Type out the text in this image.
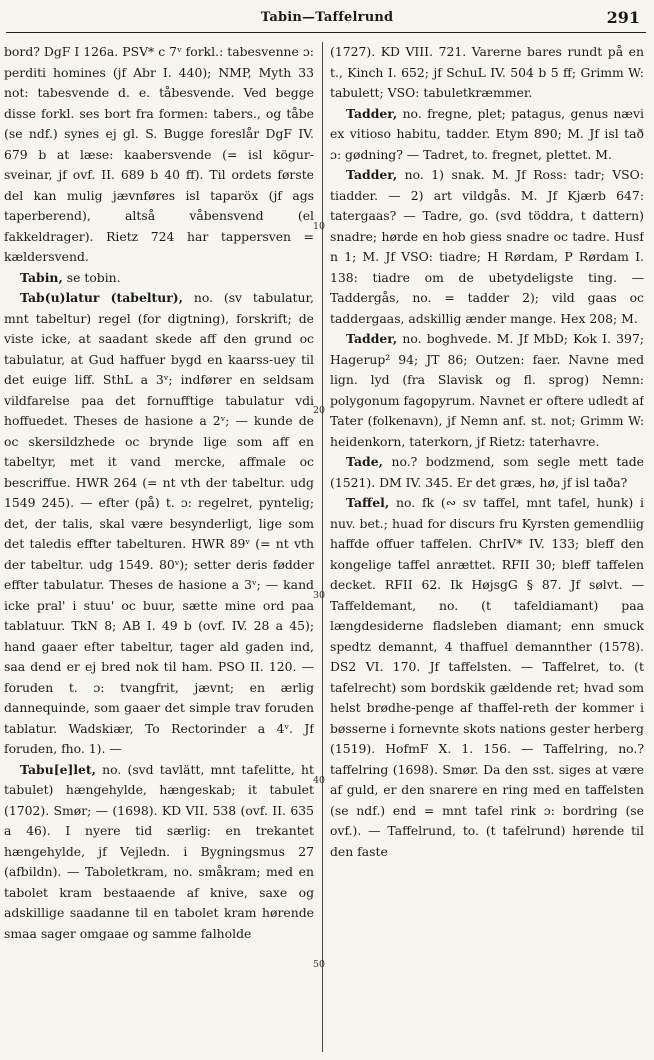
Tabin—Taffelrund	291

bord? DgF I 126a. PSV* c 7ᵛ forkl.: tabesvenne ɔ: perditi homines (jf Abr I. 440); NMP, Myth 33 not: tabesvende d. e. tåbesvende. Ved begge disse forkl. ses bort fra formen: tabers., og tåbe (se ndf.) synes ej gl. S. Bugge foreslår DgF IV. 679 b at læse: kaabersvende (= isl kögur-sveinar, jf ovf. II. 689 b 40 ff). Til ordets første del kan mulig jævnføres isl taparöx (jf ags taperberend), altså våbensvend (el fakkeldrager). Rietz 724 har tappersven = kældersvend.

Tabin, se tobin.

Tab(u)latur (tabeltur), no. (sv tabulatur, mnt tabeltur) regel (for digtning), forskrift; de viste icke, at saadant skede aff den grund oc tabulatur, at Gud haffuer bygd en kaarss-uey til det euige liff. SthL a 3ᵛ; indfører en seldsam vildfarelse paa det fornufftige tabulatur vdi hoffuedet. Theses de hasione a 2ᵛ; — kunde de oc skersildzhede oc brynde lige som aff en tabeltyr, met it vand mercke, affmale oc bescriffue. HWR 264 (= nt vth der tabeltur. udg 1549 245). — efter (på) t. ɔ: regelret, pyntelig; det, der talis, skal være besynderligt, lige som det taledis effter tabelturen. HWR 89ᵛ (= nt vth der tabeltur. udg 1549. 80ᵛ); setter deris fødder effter tabulatur. Theses de hasione a 3ᵛ; — kand icke pral' i stuu' oc buur, sætte mine ord paa tablatuur. TkN 8; AB I. 49 b (ovf. IV. 28 a 45); hand gaaer efter tabeltur, tager ald gaden ind, saa dend er ej bred nok til ham. PSO II. 120. — foruden t. ɔ: tvangfrit, jævnt; en ærlig dannequinde, som gaaer det simple trav foruden tablatur. Wadskiær, To Rectorinder a 4ᵛ. Jf foruden, fho. 1). —

Tabu[e]let, no. (svd tavlätt, mnt tafelitte, ht tabulet) hængehylde, hængeskab; it tabulet (1702). Smør; — (1698). KD VII. 538 (ovf. II. 635 a 46). I nyere tid særlig: en trekantet hængehylde, jf Vejledn. i Bygningsmus 27 (afbildn). — Taboletkram, no. småkram; med en tabolet kram bestaaende af knive, saxe og adskillige saadanne til en tabolet kram hørende smaa sager omgaae og samme falholde

10
20
30
40
50

(1727). KD VIII. 721. Varerne bares rundt på en t., Kinch I. 652; jf SchuL IV. 504 b 5 ff; Grimm W: tabulett; VSO: tabuletkræmmer.

Tadder, no. fregne, plet; patagus, genus nævi ex vitioso habitu, tadder. Etym 890; M. Jf isl tað ɔ: gødning? — Tadret, to. fregnet, plettet. M.

Tadder, no. 1) snak. M. Jf Ross: tadr; VSO: tiadder. — 2) art vildgås. M. Jf Kjærb 647: tatergaas? — Tadre, go. (svd töddra, t dattern) snadre; hørde en hob giess snadre oc tadre. Husf n 1; M. Jf VSO: tiadre; H Rørdam, P Rørdam I. 138: tiadre om de ubetydeligste ting. — Taddergås, no. = tadder 2); vild gaas oc taddergaas, adskillig ænder mange. Hex 208; M.

Tadder, no. boghvede. M. Jf MbD; Kok I. 397; Hagerup² 94; JT 86; Outzen: faer. Navne med lign. lyd (fra Slavisk og fl. sprog) Nemn: polygonum fagopyrum. Navnet er oftere udledt af Tater (folkenavn), jf Nemn anf. st. not; Grimm W: heidenkorn, taterkorn, jf Rietz: taterhavre.

Tade, no.? bodzmend, som segle mett tade (1521). DM IV. 345. Er det græs, hø, jf isl taða?

Taffel, no. fk (∾ sv taffel, mnt tafel, hunk) i nuv. bet.; huad for discurs fru Kyrsten gemendliig haffde offuer taffelen. ChrIV* IV. 133; bleff den kongelige taffel anrættet. RFII 30; bleff taffelen decket. RFII 62. Ik HøjsgG § 87. Jf sølvt. — Taffeldemant, no. (t tafeldiamant) paa længdesiderne fladsleben diamant; enn smuck spedtz demannt, 4 thaffuel demannther (1578). DS2 VI. 170. Jf taffelsten. — Taffelret, to. (t tafelrecht) som bordskik gældende ret; hvad som helst brødhe-penge af thaffel-reth der kommer i bøsserne i fornevnte skots nations gester herberg (1519). HofmF X. 1. 156. — Taffelring, no.? taffelring (1698). Smør. Da den sst. siges at være af guld, er den snarere en ring med en taffelsten (se ndf.) end = mnt tafel rink ɔ: bordring (se ovf.). — Taffelrund, to. (t tafelrund) hørende til den faste
